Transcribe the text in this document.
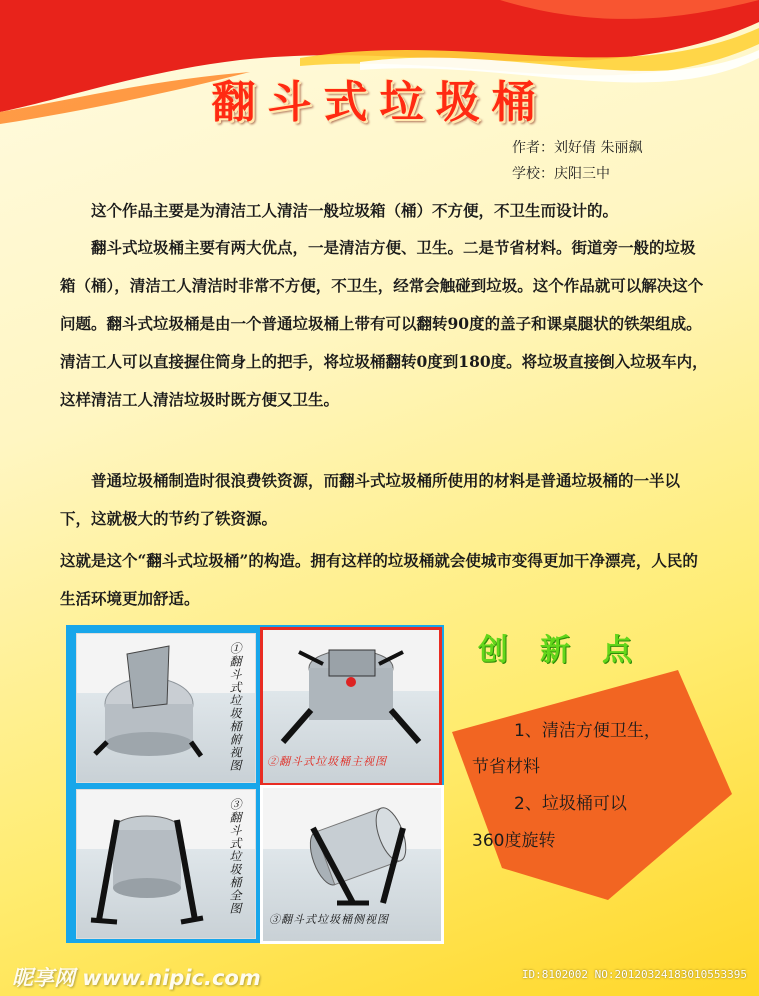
翻斗式垃圾桶
作者：刘好倩 朱丽飙
学校：庆阳三中

这个作品主要是为清洁工人清洁一般垃圾箱（桶）不方便，不卫生而设计的。

翻斗式垃圾桶主要有两大优点，一是清洁方便、卫生。二是节省材料。街道旁一般的垃圾箱（桶），清洁工人清洁时非常不方便，不卫生，经常会触碰到垃圾。这个作品就可以解决这个问题。翻斗式垃圾桶是由一个普通垃圾桶上带有可以翻转90度的盖子和课桌腿状的铁架组成。清洁工人可以直接握住筒身上的把手，将垃圾桶翻转0度到180度。将垃圾直接倒入垃圾车内，这样清洁工人清洁垃圾时既方便又卫生。

普通垃圾桶制造时很浪费铁资源，而翻斗式垃圾桶所使用的材料是普通垃圾桶的一半以下，这就极大的节约了铁资源。

这就是这个“翻斗式垃圾桶”的构造。拥有这样的垃圾桶就会使城市变得更加干净漂亮，人民的生活环境更加舒适。

①翻斗式垃圾桶俯视图 ②翻斗式垃圾桶主视图
③翻斗式垃圾桶全图
③翻斗式垃圾桶侧视图
创新点
1、清洁方便卫生，
节省材料
2、垃圾桶可以
360度旋转
昵享网 www.nipic.com	ID:8102002 NO:20120324183010553395
